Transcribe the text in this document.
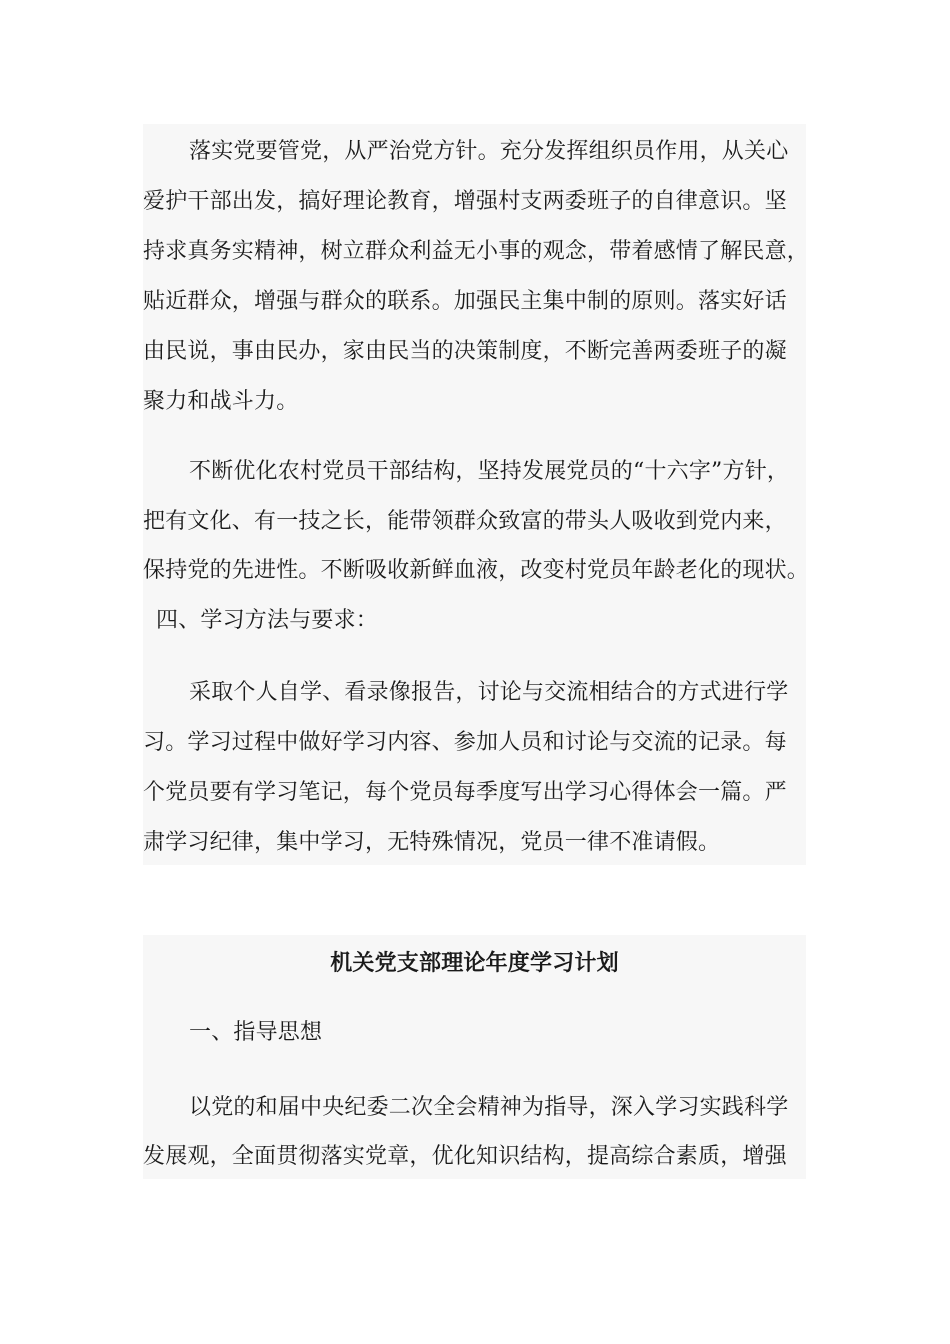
落实党要管党，从严治党方针。充分发挥组织员作用，从关心
爱护干部出发，搞好理论教育，增强村支两委班子的自律意识。坚
持求真务实精神，树立群众利益无小事的观念，带着感情了解民意，
贴近群众，增强与群众的联系。加强民主集中制的原则。落实好话
由民说，事由民办，家由民当的决策制度，不断完善两委班子的凝
聚力和战斗力。
不断优化农村党员干部结构，坚持发展党员的“十六字”方针，
把有文化、有一技之长，能带领群众致富的带头人吸收到党内来，
保持党的先进性。不断吸收新鲜血液，改变村党员年龄老化的现状。
四、学习方法与要求：
采取个人自学、看录像报告，讨论与交流相结合的方式进行学
习。学习过程中做好学习内容、参加人员和讨论与交流的记录。每
个党员要有学习笔记，每个党员每季度写出学习心得体会一篇。严
肃学习纪律，集中学习，无特殊情况，党员一律不准请假。
机关党支部理论年度学习计划
一、指导思想
以党的和届中央纪委二次全会精神为指导，深入学习实践科学
发展观，全面贯彻落实党章，优化知识结构，提高综合素质，增强
